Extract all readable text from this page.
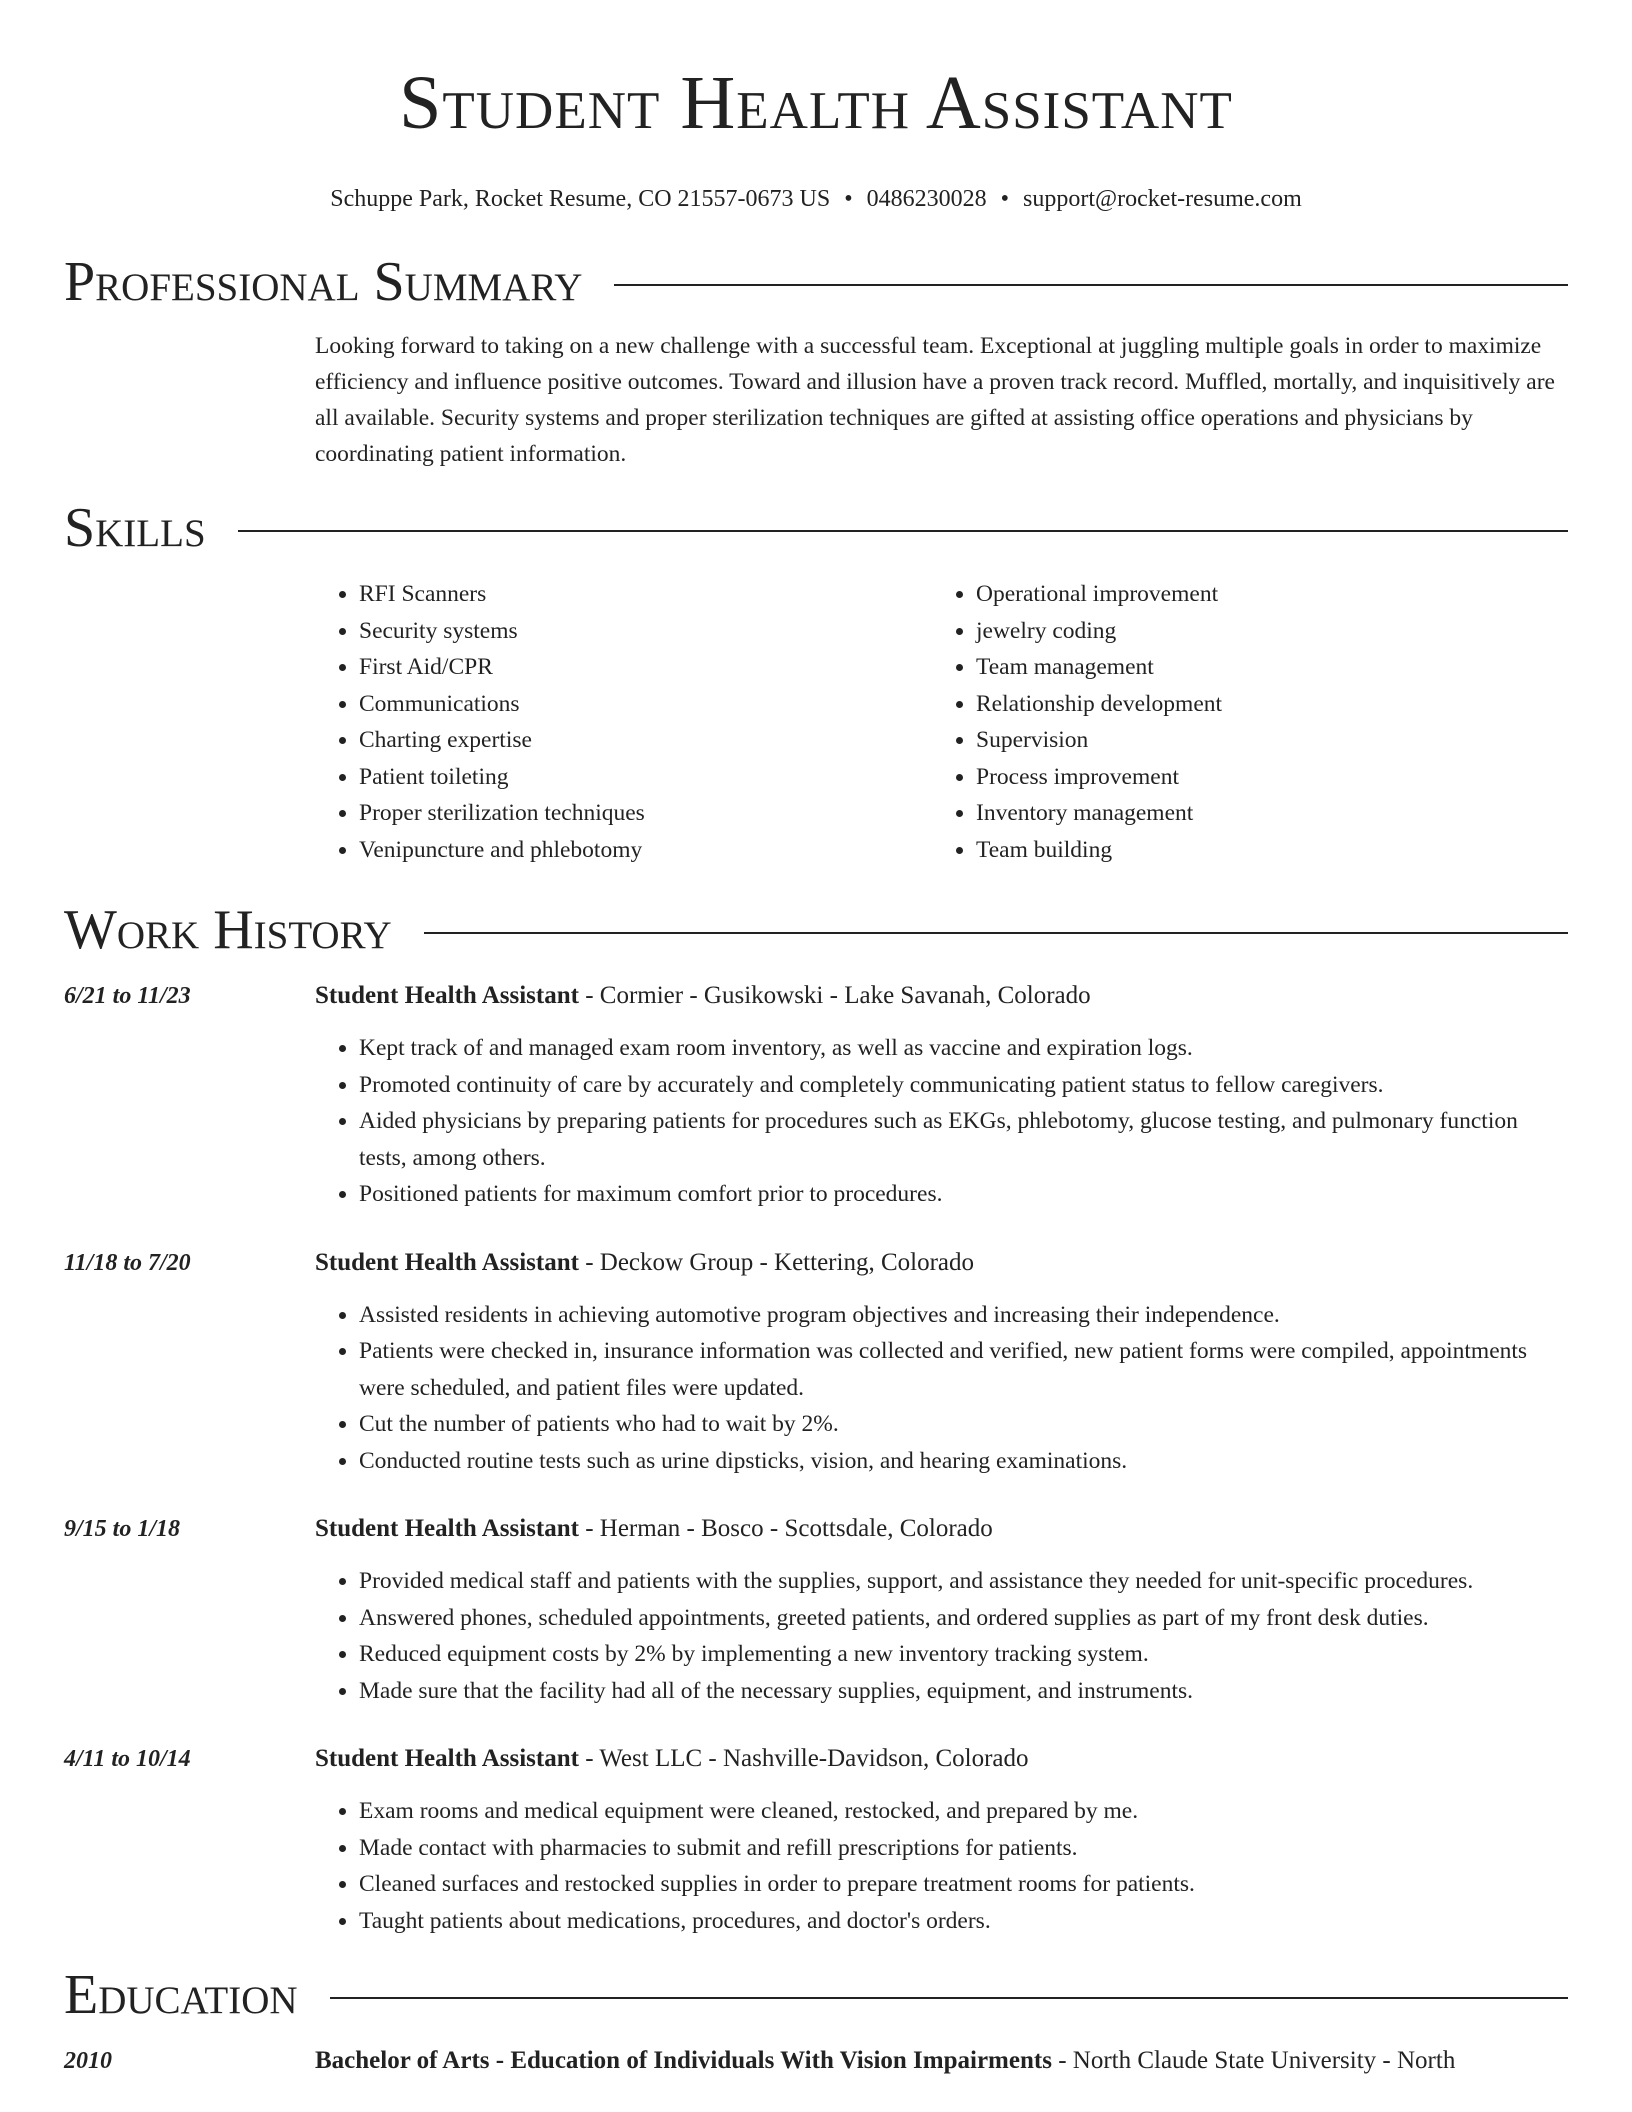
Student Health Assistant
Schuppe Park, Rocket Resume, CO 21557-0673 US • 0486230028 • support@rocket-resume.com
Professional Summary

Looking forward to taking on a new challenge with a successful team. Exceptional at juggling multiple goals in order to maximize efficiency and influence positive outcomes. Toward and illusion have a proven track record. Muffled, mortally, and inquisitively are all available. Security systems and proper sterilization techniques are gifted at assisting office operations and physicians by coordinating patient information.

Skills
• RFI Scanners
• Security systems
• First Aid/CPR
• Communications
• Charting expertise
• Patient toileting
• Proper sterilization techniques
• Venipuncture and phlebotomy
• Operational improvement
• jewelry coding
• Team management
• Relationship development
• Supervision
• Process improvement
• Inventory management
• Team building
Work History
6/21 to 11/23	Student Health Assistant - Cormier - Gusikowski - Lake Savanah, Colorado
• Kept track of and managed exam room inventory, as well as vaccine and expiration logs.
• Promoted continuity of care by accurately and completely communicating patient status to fellow caregivers.
• Aided physicians by preparing patients for procedures such as EKGs, phlebotomy, glucose testing, and pulmonary function tests, among others.
• Positioned patients for maximum comfort prior to procedures.
11/18 to 7/20	Student Health Assistant - Deckow Group - Kettering, Colorado
• Assisted residents in achieving automotive program objectives and increasing their independence.
• Patients were checked in, insurance information was collected and verified, new patient forms were compiled, appointments were scheduled, and patient files were updated.
• Cut the number of patients who had to wait by 2%.
• Conducted routine tests such as urine dipsticks, vision, and hearing examinations.
9/15 to 1/18	Student Health Assistant - Herman - Bosco - Scottsdale, Colorado
• Provided medical staff and patients with the supplies, support, and assistance they needed for unit-specific procedures.
• Answered phones, scheduled appointments, greeted patients, and ordered supplies as part of my front desk duties.
• Reduced equipment costs by 2% by implementing a new inventory tracking system.
• Made sure that the facility had all of the necessary supplies, equipment, and instruments.
4/11 to 10/14	Student Health Assistant - West LLC - Nashville-Davidson, Colorado
• Exam rooms and medical equipment were cleaned, restocked, and prepared by me.
• Made contact with pharmacies to submit and refill prescriptions for patients.
• Cleaned surfaces and restocked supplies in order to prepare treatment rooms for patients.
• Taught patients about medications, procedures, and doctor's orders.
Education
2010	Bachelor of Arts - Education of Individuals With Vision Impairments - North Claude State University - North
